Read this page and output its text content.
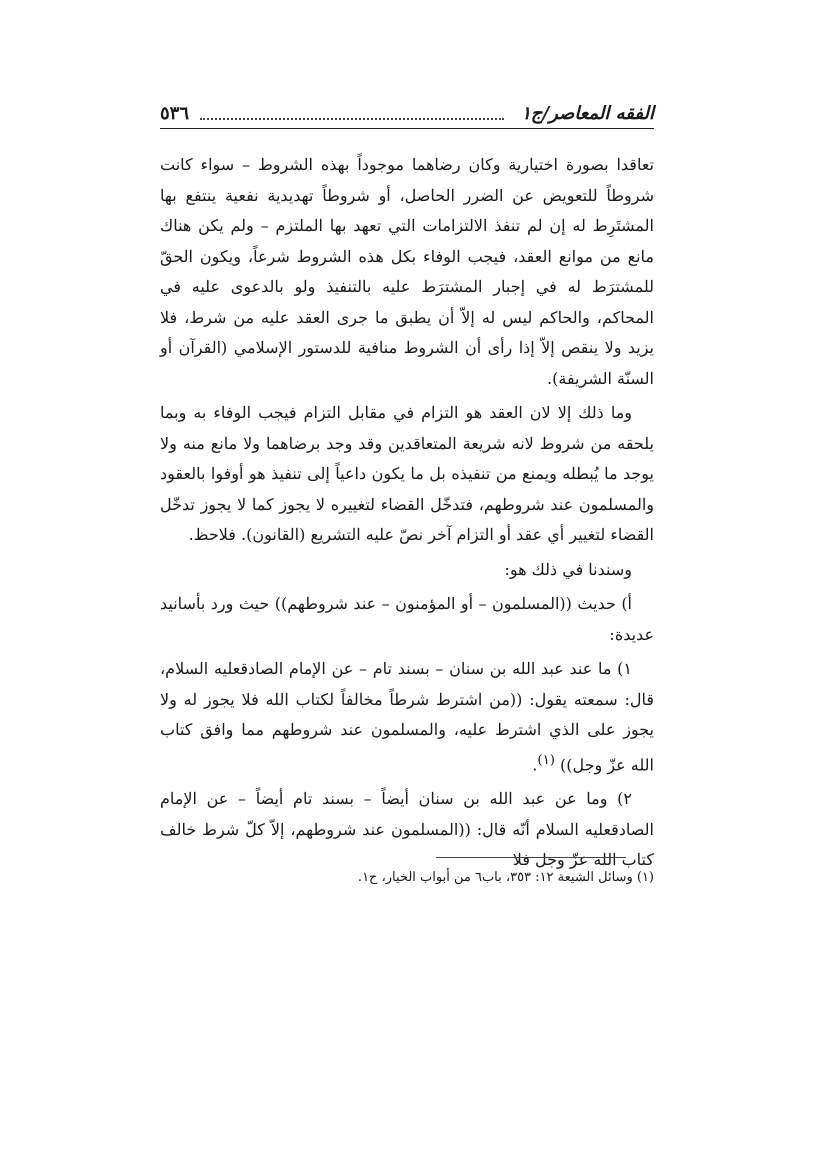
الفقه المعاصر/ج١
٥٣٦

تعاقدا بصورة اختيارية وكان رضاهما موجوداً بهذه الشروط – سواء كانت شروطاً للتعويض عن الضرر الحاصل، أو شروطاً تهديدية نفعية ينتفع بها المشتَرِط له إن لم تنفذ الالتزامات التي تعهد بها الملتزم – ولم يكن هناك مانع من موانع العقد، فيجب الوفاء بكل هذه الشروط شرعاً، ويكون الحقّ للمشترَط له في إجبار المشترَط عليه بالتنفيذ ولو بالدعوى عليه في المحاكم، والحاكم ليس له إلاّ أن يطبق ما جرى العقد عليه من شرط، فلا يزيد ولا ينقص إلاّ إذا رأى أن الشروط منافية للدستور الإسلامي (القرآن أو السنّة الشريفة).

وما ذلك إلا لان العقد هو التزام في مقابل التزام فيجب الوفاء به وبما يلحقه من شروط لانه شريعة المتعاقدين وقد وجد برضاهما ولا مانع منه ولا يوجد ما يُبطله ويمنع من تنفيذه بل ما يكون داعياً إلى تنفيذ هو أوفوا بالعقود والمسلمون عند شروطهم، فتدخّل القضاء لتغييره لا يجوز كما لا يجوز تدخّل القضاء لتغيير أي عقد أو التزام آخر نصّ عليه التشريع (القانون). فلاحظ.

وسندنا في ذلك هو:

أ) حديث ((المسلمون – أو المؤمنون – عند شروطهم)) حيث ورد بأسانيد عديدة:

١) ما عند عبد الله بن سنان – بسند تام – عن الإمام الصادقعليه السلام، قال: سمعته يقول: ((من اشترط شرطاً مخالفاً لكتاب الله فلا يجوز له ولا يجوز على الذي اشترط عليه، والمسلمون عند شروطهم مما وافق كتاب الله عزّ وجل)) $^{(١)}$.

٢) وما عن عبد الله بن سنان أيضاً – بسند تام أيضاً – عن الإمام الصادقعليه السلام أنّه قال: ((المسلمون عند شروطهم، إلاّ كلّ شرط خالف كتاب الله عزّ وجل فلا

(١) وسائل الشيعة ١٢: ٣٥٣، باب٦ من أبواب الخيار، ح١.
